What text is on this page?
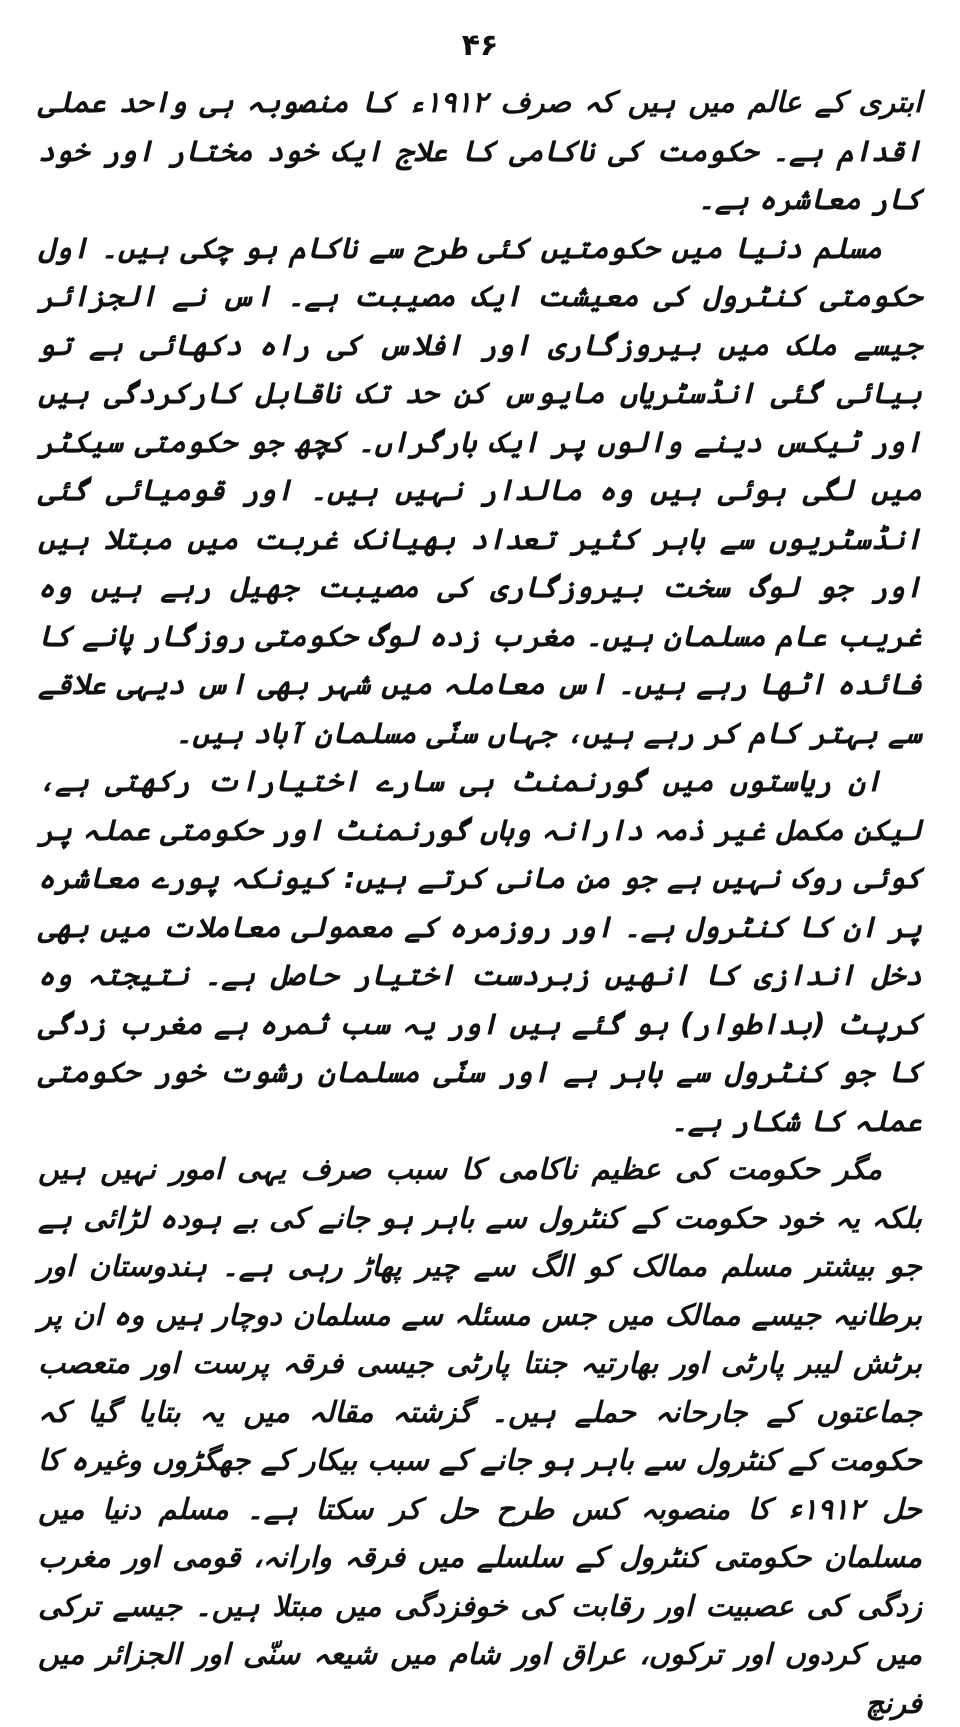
۴۶

ابتری کے عالم میں ہیں کہ صرف ۱۹۱۲ء کا منصوبہ ہی واحد عملی اقدام ہے۔ حکومت کی ناکامی کا علاج ایک خود مختار اور خود کار معاشرہ ہے۔

مسلم دنیا میں حکومتیں کئی طرح سے ناکام ہو چکی ہیں۔ اول حکومتی کنٹرول کی معیشت ایک مصیبت ہے۔ اس نے الجزائر جیسے ملک میں بیروزگاری اور افلاس کی راہ دکھائی ہے تو بیائی گئی انڈسٹریاں مایوس کن حد تک ناقابل کارکردگی ہیں اور ٹیکس دینے والوں پر ایک بارگراں۔ کچھ جو حکومتی سیکٹر میں لگی ہوئی ہیں وہ مالدار نہیں ہیں۔ اور قومیائی گئی انڈسٹریوں سے باہر کثیر تعداد بھیانک غربت میں مبتلا ہیں اور جو لوگ سخت بیروزگاری کی مصیبت جھیل رہے ہیں وہ غریب عام مسلمان ہیں۔ مغرب زدہ لوگ حکومتی روزگار پانے کا فائدہ اٹھا رہے ہیں۔ اس معاملہ میں شہر بھی اس دیہی علاقے سے بہتر کام کر رہے ہیں، جہاں سنّی مسلمان آباد ہیں۔

ان ریاستوں میں گورنمنٹ ہی سارے اختیارات رکھتی ہے، لیکن مکمل غیر ذمہ دارانہ وہاں گورنمنٹ اور حکومتی عملہ پر کوئی روک نہیں ہے جو من مانی کرتے ہیں: کیونکہ پورے معاشرہ پر ان کا کنٹرول ہے۔ اور روزمرہ کے معمولی معاملات میں بھی دخل اندازی کا انھیں زبردست اختیار حاصل ہے۔ نتیجتہ وہ کرپٹ (بداطوار) ہو گئے ہیں اور یہ سب ثمرہ ہے مغرب زدگی کا جو کنٹرول سے باہر ہے اور سنّی مسلمان رشوت خور حکومتی عملہ کا شکار ہے۔

مگر حکومت کی عظیم ناکامی کا سبب صرف یہی امور نہیں ہیں بلکہ یہ خود حکومت کے کنٹرول سے باہر ہو جانے کی بے ہودہ لڑائی ہے جو بیشتر مسلم ممالک کو الگ سے چیر پھاڑ رہی ہے۔ ہندوستان اور برطانیہ جیسے ممالک میں جس مسئلہ سے مسلمان دوچار ہیں وہ ان پر برٹش لیبر پارٹی اور بھارتیہ جنتا پارٹی جیسی فرقہ پرست اور متعصب جماعتوں کے جارحانہ حملے ہیں۔ گزشتہ مقالہ میں یہ بتایا گیا کہ حکومت کے کنٹرول سے باہر ہو جانے کے سبب بیکار کے جھگڑوں وغیرہ کا حل ۱۹۱۲ء کا منصوبہ کس طرح حل کر سکتا ہے۔ مسلم دنیا میں مسلمان حکومتی کنٹرول کے سلسلے میں فرقہ وارانہ، قومی اور مغرب زدگی کی عصبیت اور رقابت کی خوفزدگی میں مبتلا ہیں۔ جیسے ترکی میں کردوں اور ترکوں، عراق اور شام میں شیعہ سنّی اور الجزائر میں فرنچ
